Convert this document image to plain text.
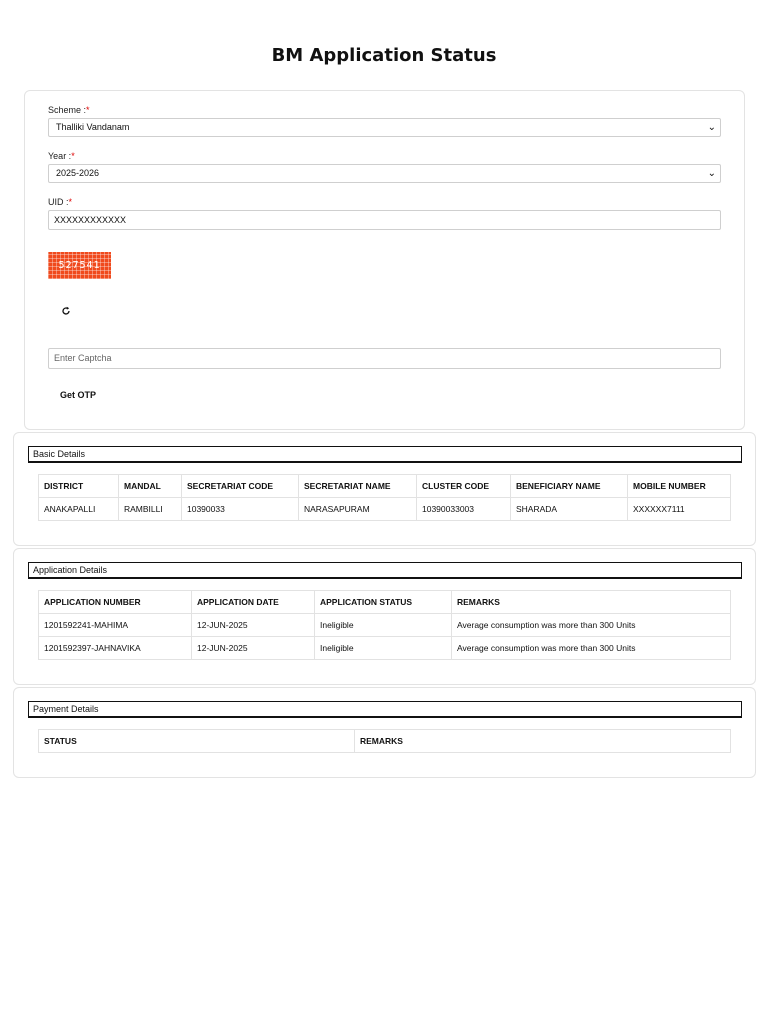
BM Application Status
Scheme :*
Thalliki Vandanam	⌄
Year :*
2025-2026	⌄
UID :*
XXXXXXXXXXXX
527541
Enter Captcha
Get OTP
Basic Details
DISTRICT	MANDAL	SECRETARIAT CODE	SECRETARIAT NAME	CLUSTER CODE	BENEFICIARY NAME	MOBILE NUMBER
ANAKAPALLI	RAMBILLI	10390033	NARASAPURAM	10390033003	SHARADA	XXXXXX7111
Application Details
APPLICATION NUMBER	APPLICATION DATE	APPLICATION STATUS	REMARKS
1201592241-MAHIMA	12-JUN-2025	Ineligible	Average consumption was more than 300 Units
1201592397-JAHNAVIKA	12-JUN-2025	Ineligible	Average consumption was more than 300 Units
Payment Details
STATUS	REMARKS
